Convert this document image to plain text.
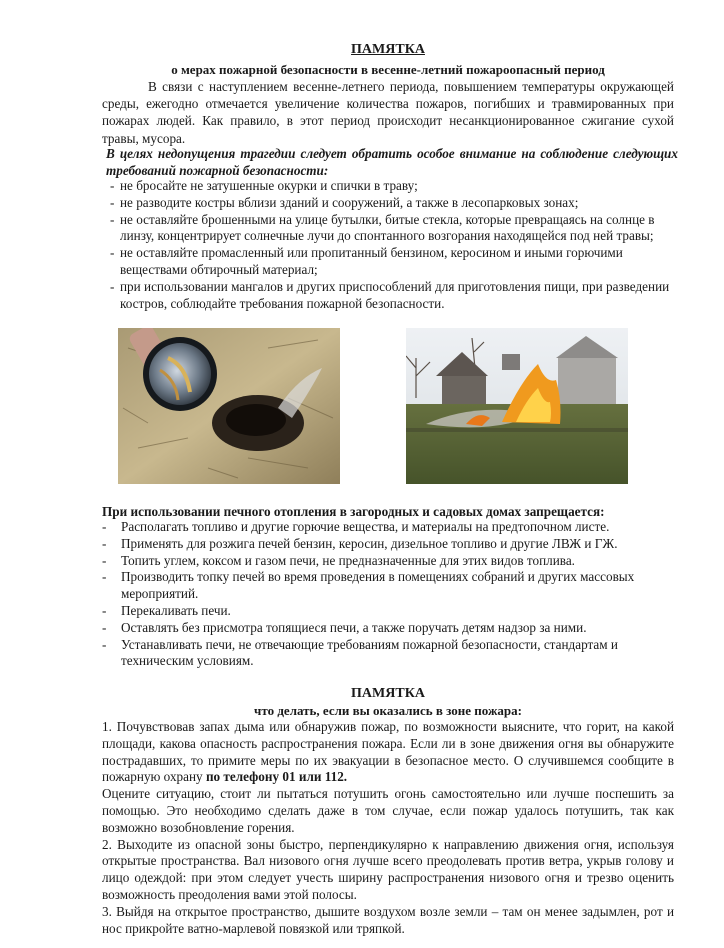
ПАМЯТКА
о мерах пожарной безопасности в весенне-летний пожароопасный период

В связи с наступлением весенне-летнего периода, повышением температуры окружающей среды, ежегодно отмечается увеличение количества пожаров, погибших и травмированных при пожарах людей. Как правило, в этот период происходит несанкционированное сжигание сухой травы, мусора.

В целях недопущения трагедии следует обратить особое внимание на соблюдение следующих требований пожарной безопасности:

- не бросайте не затушенные окурки и спички в траву;
- не разводите костры вблизи зданий и сооружений, а также в лесопарковых зонах;
- не оставляйте брошенными на улице бутылки, битые стекла, которые превращаясь на солнце в линзу, концентрирует солнечные лучи до спонтанного возгорания находящейся под ней травы;
- не оставляйте промасленный или пропитанный бензином, керосином и иными горючими веществами обтирочный материал;
- при использовании мангалов и других приспособлений для приготовления пищи, при разведении костров, соблюдайте требования пожарной безопасности.
При использовании печного отопления в загородных и садовых домах запрещается:
- Располагать топливо и другие горючие вещества, и материалы на предтопочном листе.
- Применять для розжига печей бензин, керосин, дизельное топливо и другие ЛВЖ и ГЖ.
- Топить углем, коксом и газом печи, не предназначенные для этих видов топлива.
- Производить топку печей во время проведения в помещениях собраний и других массовых мероприятий.
- Перекаливать печи.
- Оставлять без присмотра топящиеся печи, а также поручать детям надзор за ними.
- Устанавливать печи, не отвечающие требованиям пожарной безопасности, стандартам и техническим условиям.
ПАМЯТКА
что делать, если вы оказались в зоне пожара:

1. Почувствовав запах дыма или обнаружив пожар, по возможности выясните, что горит, на какой площади, какова опасность распространения пожара. Если ли в зоне движения огня вы обнаружите пострадавших, то примите меры по их эвакуации в безопасное место. О случившемся сообщите в пожарную охрану по телефону 01 или 112.

Оцените ситуацию, стоит ли пытаться потушить огонь самостоятельно или лучше поспешить за помощью. Это необходимо сделать даже в том случае, если пожар удалось потушить, так как возможно возобновление горения.

2. Выходите из опасной зоны быстро, перпендикулярно к направлению движения огня, используя открытые пространства. Вал низового огня лучше всего преодолевать против ветра, укрыв голову и лицо одеждой: при этом следует учесть ширину распространения низового огня и трезво оценить возможность преодоления вами этой полосы.

3. Выйдя на открытое пространство, дышите воздухом возле земли – там он менее задымлен, рот и нос прикройте ватно-марлевой повязкой или тряпкой.
